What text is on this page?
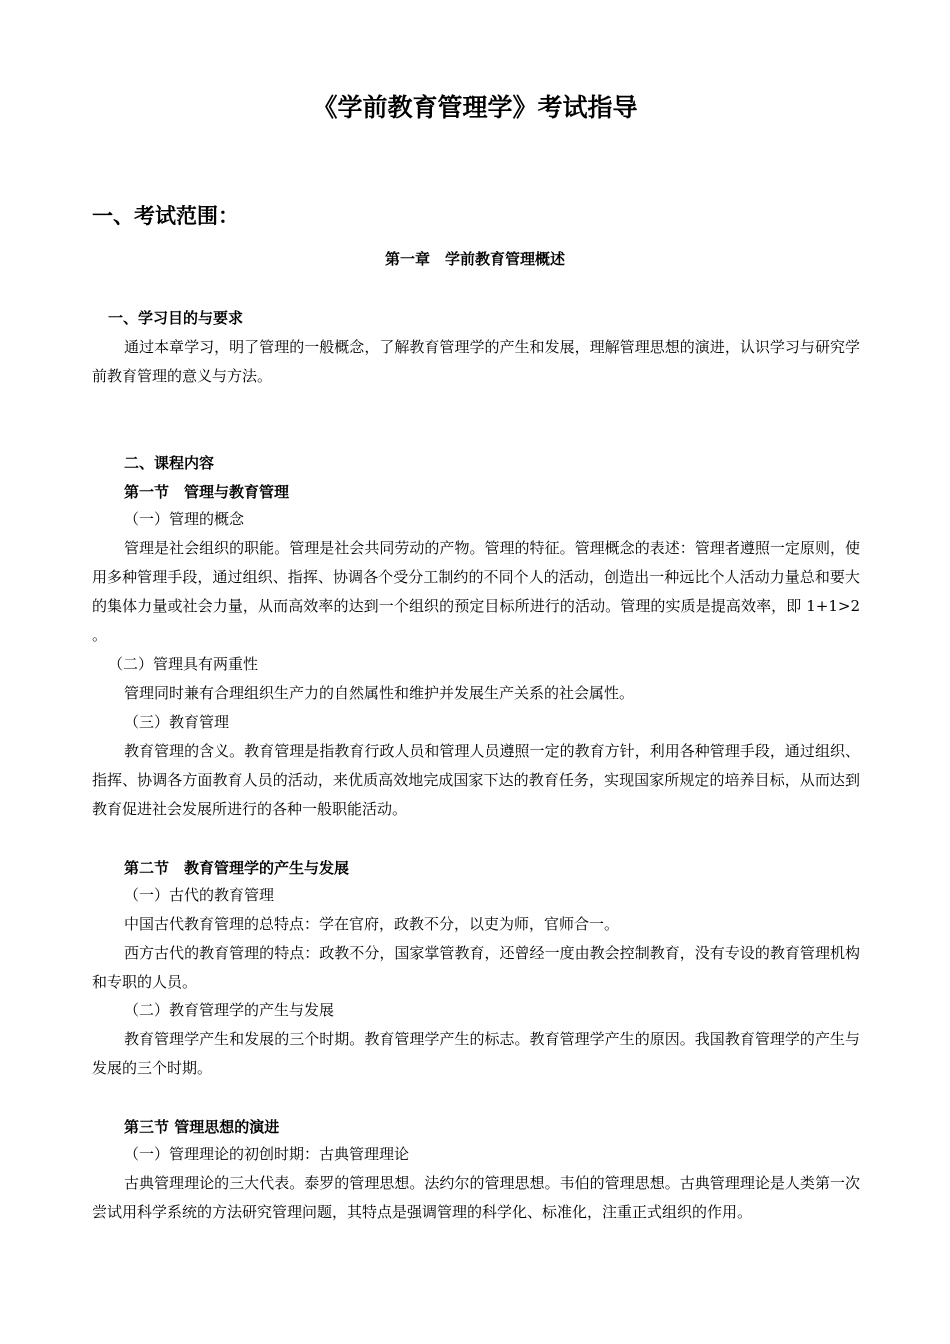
《学前教育管理学》考试指导
一、考试范围：
第一章　学前教育管理概述
一、学习目的与要求
通过本章学习，明了管理的一般概念，了解教育管理学的产生和发展，理解管理思想的演进，认识学习与研究学前教育管理的意义与方法。
二、课程内容
第一节　管理与教育管理
（一）管理的概念
管理是社会组织的职能。管理是社会共同劳动的产物。管理的特征。管理概念的表述：管理者遵照一定原则，使用多种管理手段，通过组织、指挥、协调各个受分工制约的不同个人的活动，创造出一种远比个人活动力量总和要大的集体力量或社会力量，从而高效率的达到一个组织的预定目标所进行的活动。管理的实质是提高效率，即 1+1>2 。
（二）管理具有两重性
管理同时兼有合理组织生产力的自然属性和维护并发展生产关系的社会属性。
（三）教育管理
教育管理的含义。教育管理是指教育行政人员和管理人员遵照一定的教育方针，利用各种管理手段，通过组织、指挥、协调各方面教育人员的活动，来优质高效地完成国家下达的教育任务，实现国家所规定的培养目标，从而达到教育促进社会发展所进行的各种一般职能活动。
第二节　教育管理学的产生与发展
（一）古代的教育管理
中国古代教育管理的总特点：学在官府，政教不分，以吏为师，官师合一。
西方古代的教育管理的特点：政教不分，国家掌管教育，还曾经一度由教会控制教育，没有专设的教育管理机构和专职的人员。
（二）教育管理学的产生与发展
教育管理学产生和发展的三个时期。教育管理学产生的标志。教育管理学产生的原因。我国教育管理学的产生与发展的三个时期。
第三节 管理思想的演进
（一）管理理论的初创时期：古典管理理论
古典管理理论的三大代表。泰罗的管理思想。法约尔的管理思想。韦伯的管理思想。古典管理理论是人类第一次尝试用科学系统的方法研究管理问题，其特点是强调管理的科学化、标准化，注重正式组织的作用。
